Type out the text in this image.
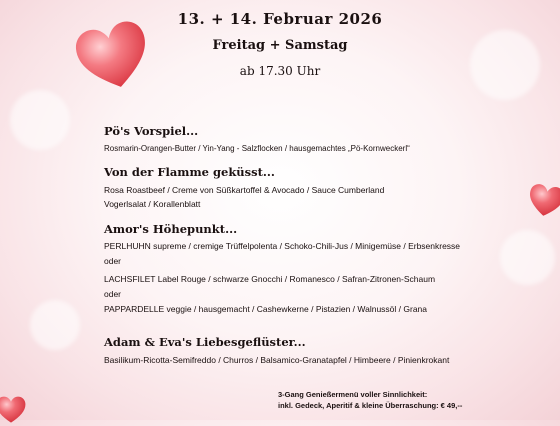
13. + 14. Februar 2026
Freitag + Samstag
ab 17.30 Uhr
Pö's Vorspiel...
Rosmarin-Orangen-Butter / Yin-Yang - Salzflocken / hausgemachtes „Pö-Kornweckerl“
Von der Flamme geküsst...
Rosa Roastbeef / Creme von Süßkartoffel & Avocado / Sauce Cumberland
Vogerlsalat / Korallenblatt
Amor's Höhepunkt...
PERLHUHN supreme / cremige Trüffelpolenta / Schoko-Chili-Jus / Minigemüse / Erbsenkresse
oder
LACHSFILET Label Rouge / schwarze Gnocchi / Romanesco / Safran-Zitronen-Schaum
oder
PAPPARDELLE veggie / hausgemacht / Cashewkerne / Pistazien / Walnussöl / Grana
Adam & Eva's Liebesgeflüster...
Basilikum-Ricotta-Semifreddo / Churros / Balsamico-Granatapfel / Himbeere / Pinienkrokant
3-Gang Genießermenü voller Sinnlichkeit:
inkl. Gedeck, Aperitif & kleine Überraschung: € 49,--
